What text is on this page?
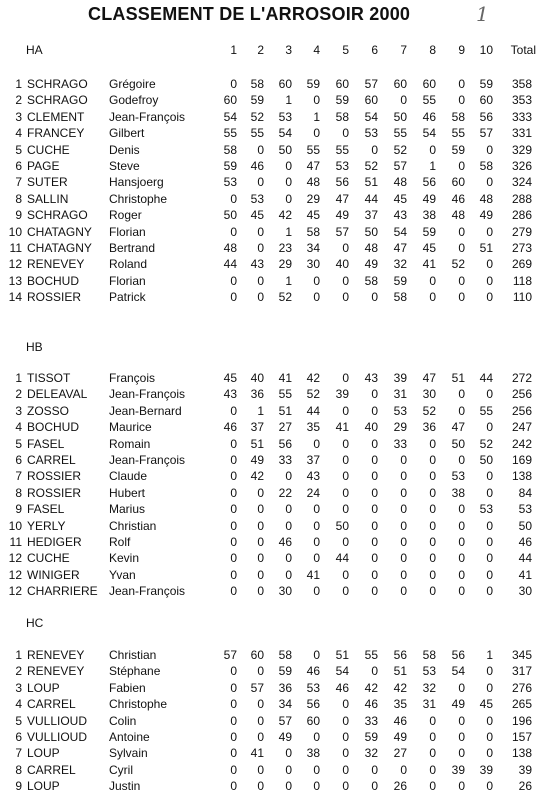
CLASSEMENT DE L'ARROSOIR 2000	1
1	2	3	4	5	6	7	8	9	10 Total
HA
1 SCHRAGO Grégoire	0	58	60	59	60	57	60	60	0	59	358
2 SCHRAGO Godefroy	60	59	1	0	59	60	0	55	0	60	353
3 CLEMENT Jean-François	54	52	53	1	58	54	50	46	58	56	333
4 FRANCEY Gilbert	55	55	54	0	0	53	55	54	55	57	331
5 CUCHE	Denis	58	0	50	55	55	0	52	0	59	0	329
6 PAGE	Steve	59	46	0	47	53	52	57	1	0	58	326
7 SUTER	Hansjoerg	53	0	0	48	56	51	48	56	60	0	324
8 SALLIN	Christophe	0	53	0	29	47	44	45	49	46	48	288
9 SCHRAGO Roger	50	45	42	45	49	37	43	38	48	49	286
10 CHATAGNY Florian	0	0	1	58	57	50	54	59	0	0	279
11 CHATAGNY Bertrand	48	0	23	34	0	48	47	45	0	51	273
12 RENEVEY Roland	44	43	29	30	40	49	32	41	52	0	269
13 BOCHUD Florian	0	0	1	0	0	58	59	0	0	0	118
14 ROSSIER Patrick	0	0	52	0	0	0	58	0	0	0	110
HB
1 TISSOT	François	45	40	41	42	0	43	39	47	51	44	272
2 DELEAVAL Jean-François	43	36	55	52	39	0	31	30	0	0	256
3 ZOSSO	Jean-Bernard	0	1	51	44	0	0	53	52	0	55	256
4 BOCHUD Maurice	46	37	27	35	41	40	29	36	47	0	247
5 FASEL	Romain	0	51	56	0	0	0	33	0	50	52	242
6 CARREL	Jean-François	0	49	33	37	0	0	0	0	0	50	169
7 ROSSIER Claude	0	42	0	43	0	0	0	0	53	0	138
8 ROSSIER Hubert	0	0	22	24	0	0	0	0	38	0	84
9 FASEL	Marius	0	0	0	0	0	0	0	0	0	53	53
10 YERLY	Christian	0	0	0	0	50	0	0	0	0	0	50
11 HEDIGER Rolf	0	0	46	0	0	0	0	0	0	0	46
12 CUCHE	Kevin	0	0	0	0	44	0	0	0	0	0	44
12 WINIGER Yvan	0	0	0	41	0	0	0	0	0	0	41
12 CHARRIERE Jean-François	0	0	30	0	0	0	0	0	0	0	30
HC
1 RENEVEY Christian	57	60	58	0	51	55	56	58	56	1	345
2 RENEVEY Stéphane	0	0	59	46	54	0	51	53	54	0	317
3 LOUP	Fabien	0	57	36	53	46	42	42	32	0	0	276
4 CARREL	Christophe	0	0	34	56	0	46	35	31	49	45	265
5 VULLIOUD Colin	0	0	57	60	0	33	46	0	0	0	196
6 VULLIOUD Antoine	0	0	49	0	0	59	49	0	0	0	157
7 LOUP	Sylvain	0	41	0	38	0	32	27	0	0	0	138
8 CARREL	Cyril	0	0	0	0	0	0	0	0	39	39	39
9 LOUP	Justin	0	0	0	0	0	0	26	0	0	0	26
